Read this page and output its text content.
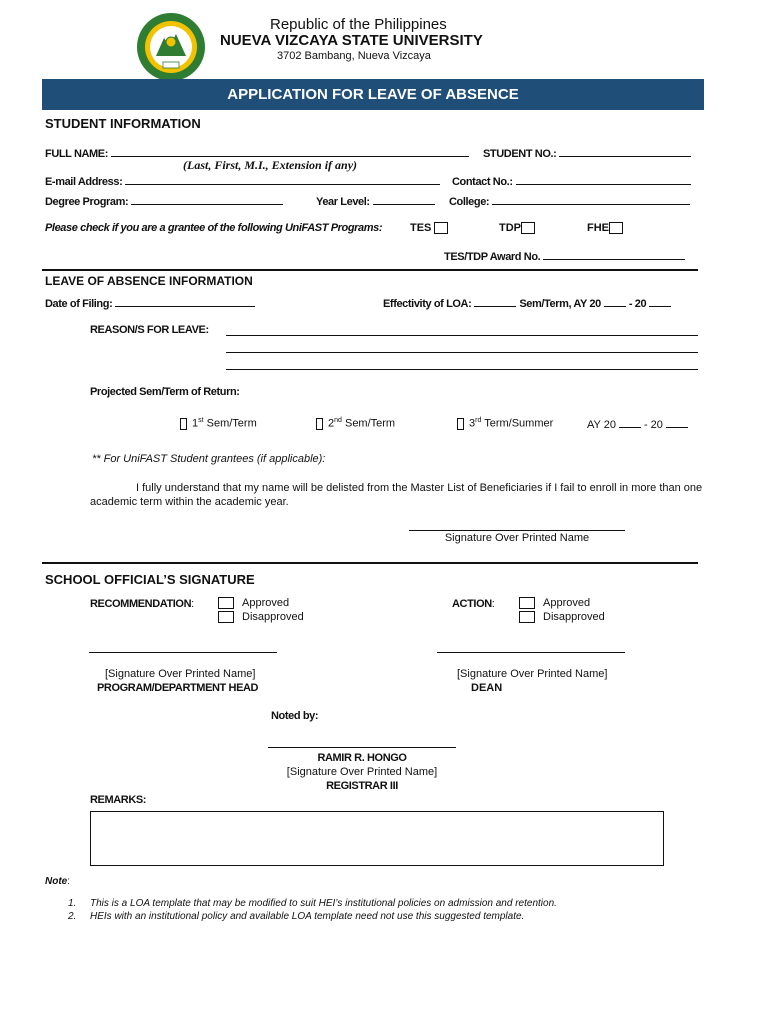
Republic of the Philippines
NUEVA VIZCAYA STATE UNIVERSITY
3702 Bambang, Nueva Vizcaya
APPLICATION FOR LEAVE OF ABSENCE
STUDENT INFORMATION
FULL NAME:	STUDENT NO.:
(Last, First, M.I., Extension if any)
E-mail Address:	Contact No.:
Degree Program:	Year Level:	College:
Please check if you are a grantee of the following UniFAST Programs:	TES	TDP	FHE
TES/TDP Award No.
LEAVE OF ABSENCE INFORMATION
Date of Filing:	Effectivity of LOA:	Sem/Term, AY 20	- 20
REASON/S FOR LEAVE:
Projected Sem/Term of Return:
1st Sem/Term	2nd Sem/Term	3rd Term/Summer	AY 20	- 20
** For UniFAST Student grantees (if applicable):
I fully understand that my name will be delisted from the Master List of Beneficiaries if I fail to enroll in more than one
academic term within the academic year.
Signature Over Printed Name
SCHOOL OFFICIAL’S SIGNATURE
RECOMMENDATION:	Approved
Disapproved
ACTION:	Approved
Disapproved
[Signature Over Printed Name]
PROGRAM/DEPARTMENT HEAD
[Signature Over Printed Name]
DEAN
Noted by:
RAMIR R. HONGO
[Signature Over Printed Name]
REGISTRAR III
REMARKS:
Note:
1. This is a LOA template that may be modified to suit HEI’s institutional policies on admission and retention.
2. HEIs with an institutional policy and available LOA template need not use this suggested template.
